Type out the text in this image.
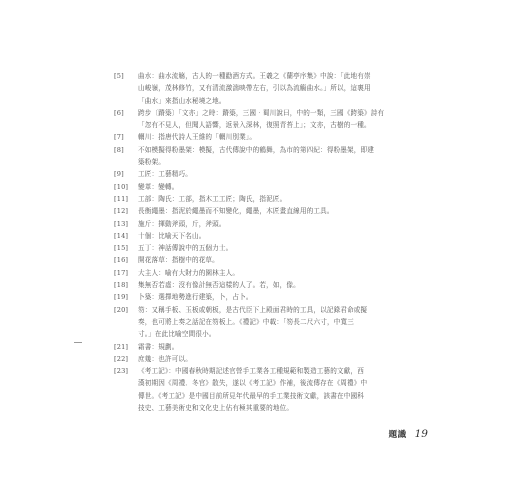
[5]	曲水：曲水流觞，古人的一種勸酒方式。王羲之《蘭亭序集》中說：「此地有崇
山峻嶺，茂林修竹，又有清流激湍映帶左右，引以為流觴曲水。」所以，這裏用
「曲水」來指山水秘境之地。
[6]	跨步〔蹐築〕「文亦」之時：蹐築，三國‧蜀川說曰，中的一類，三國《跨築》詩有
「忽有不見人，但聞人語響，返景入深林，復照青苔上」；文亦，古樹的一種。
[7]	輞川：指唐代詩人王維的「輞川別業」。
[8]	不如模擬得粉墨架：模擬，古代傳說中的鶴舞，為市的第四紀：得粉墨架，即建
築粉架。
[9]	工匠：工藝精巧。
[10]	變革：變轉。
[11]	工部：陶氏：工部，指木工工匠；陶氏，指泥匠。
[12]	長衡繩墨：指泥於繩墨而不知變化，繩墨，木匠畫直線用的工具。
[13]	施斤：揮動斧頭，斤，斧頭。
[14]	十個：比喻天下名山。
[15]	五丁：神話傳說中的五個力士。
[16]	開花落草：指樹中的花草。
[17]	大主人：喻有大財力的園林主人。
[18]	集無否若虛：沒有像計無否這樣的人了。若，如，像。
[19]	卜築：選擇地勢進行建築，卜，占卜。
[20]	笏：又稱手板、玉板或朝板，是古代臣下上殿面君時的工具，以記錄君命或擬
奏，也可將上奏之話記在笏板上。《禮記》中載：「笏長二尺六寸，中寬三
寸。」在此比喻空間很小。
[21]	霜書：規劃。
[22]	庶幾：也許可以。
[23]	《考工記》：中國春秋時期記述官營手工業各工種規範和製造工藝的文獻，西
漢初期因《周禮．冬官》散失，遂以《考工記》作補，後流傳存在《周禮》中
傳世。《考工記》是中國目前所見年代最早的手工業技術文獻，該書在中國科
技史、工藝美術史和文化史上佔有極其重要的地位。
題識 19
